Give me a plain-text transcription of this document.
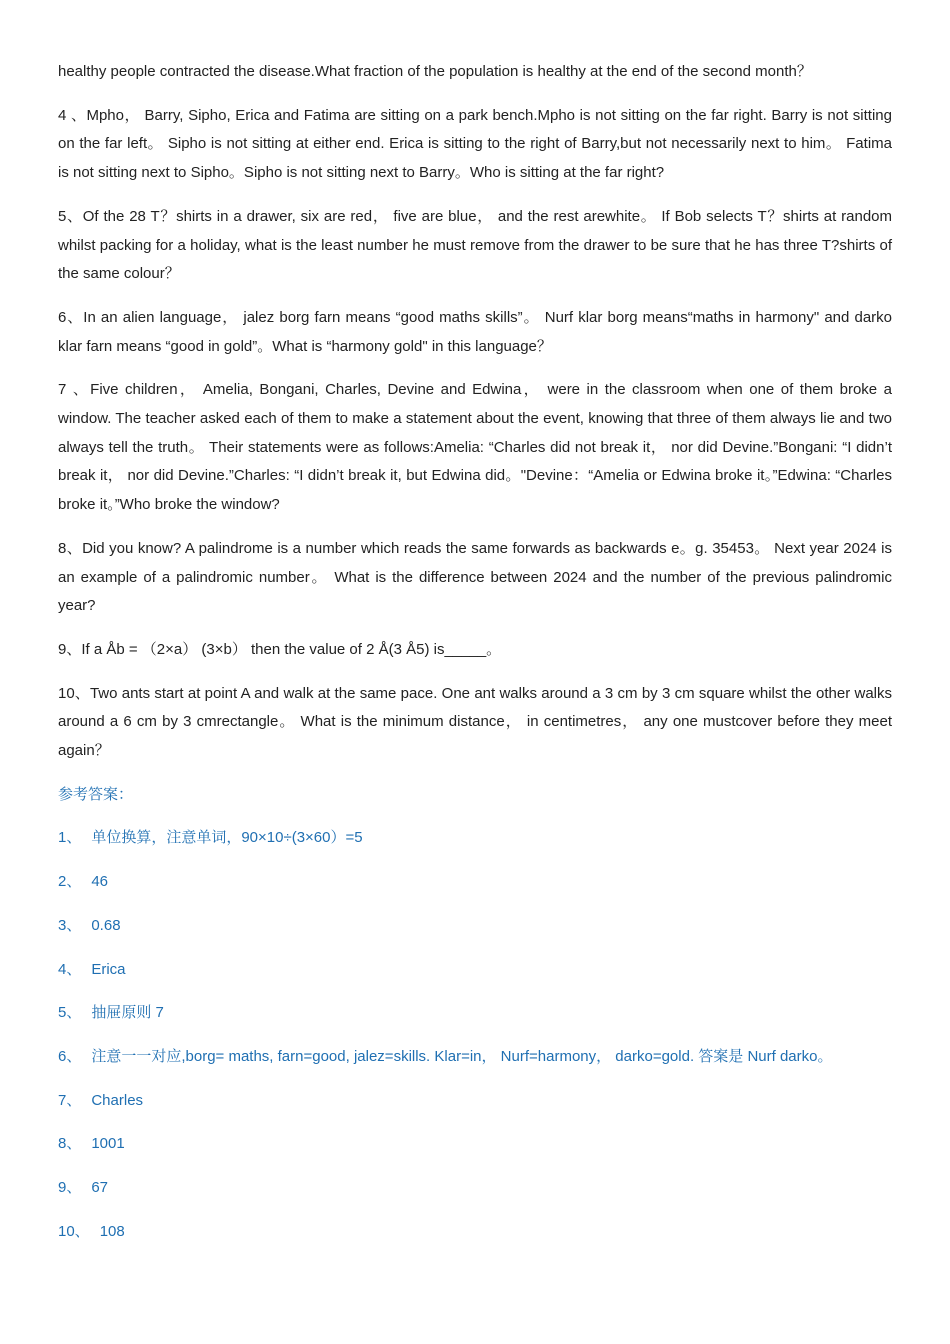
healthy people contracted the disease.What fraction of the population is healthy at the end of the second month？

4 、Mpho， Barry, Sipho, Erica and Fatima are sitting on a park bench.Mpho is not sitting on the far right. Barry is not sitting on the far left。 Sipho is not sitting at either end. Erica is sitting to the right of Barry,but not necessarily next to him。 Fatima is not sitting next to Sipho。Sipho is not sitting next to Barry。Who is sitting at the far right?

5、Of the 28 T？shirts in a drawer, six are red， five are blue， and the rest arewhite。 If Bob selects T？shirts at random whilst packing for a holiday, what is the least number he must remove from the drawer to be sure that he has three T?shirts of the same colour？

6、In an alien language， jalez borg farn means “good maths skills”。 Nurf klar borg means“maths in harmony" and darko klar farn means “good in gold”。What is “harmony gold" in this language？

7 、Five children， Amelia, Bongani, Charles, Devine and Edwina， were in the classroom when one of them broke a window. The teacher asked each of them to make a statement about the event, knowing that three of them always lie and two always tell the truth。 Their statements were as follows:Amelia: “Charles did not break it， nor did Devine.”Bongani: “I didn’t break it， nor did Devine.”Charles: “I didn’t break it, but Edwina did。"Devine：“Amelia or Edwina broke it。”Edwina: “Charles broke it。”Who broke the window?

8、Did you know? A palindrome is a number which reads the same forwards as backwards e。g. 35453。 Next year 2024 is an example of a palindromic number。 What is the difference between 2024 and the number of the previous palindromic year?

9、If a Åb = （2×a） (3×b） then the value of 2 Å(3 Å5) is_____。

10、Two ants start at point A and walk at the same pace. One ant walks around a 3 cm by 3 cm square whilst the other walks around a 6 cm by 3 cmrectangle。 What is the minimum distance， in centimetres， any one mustcover before they meet again？

参考答案：

1、 单位换算，注意单词，90×10÷(3×60）=5

2、 46

3、 0.68

4、 Erica

5、 抽屉原则 7

6、 注意一一对应,borg= maths, farn=good, jalez=skills. Klar=in， Nurf=harmony， darko=gold. 答案是 Nurf darko。

7、 Charles

8、 1001

9、 67

10、 108
